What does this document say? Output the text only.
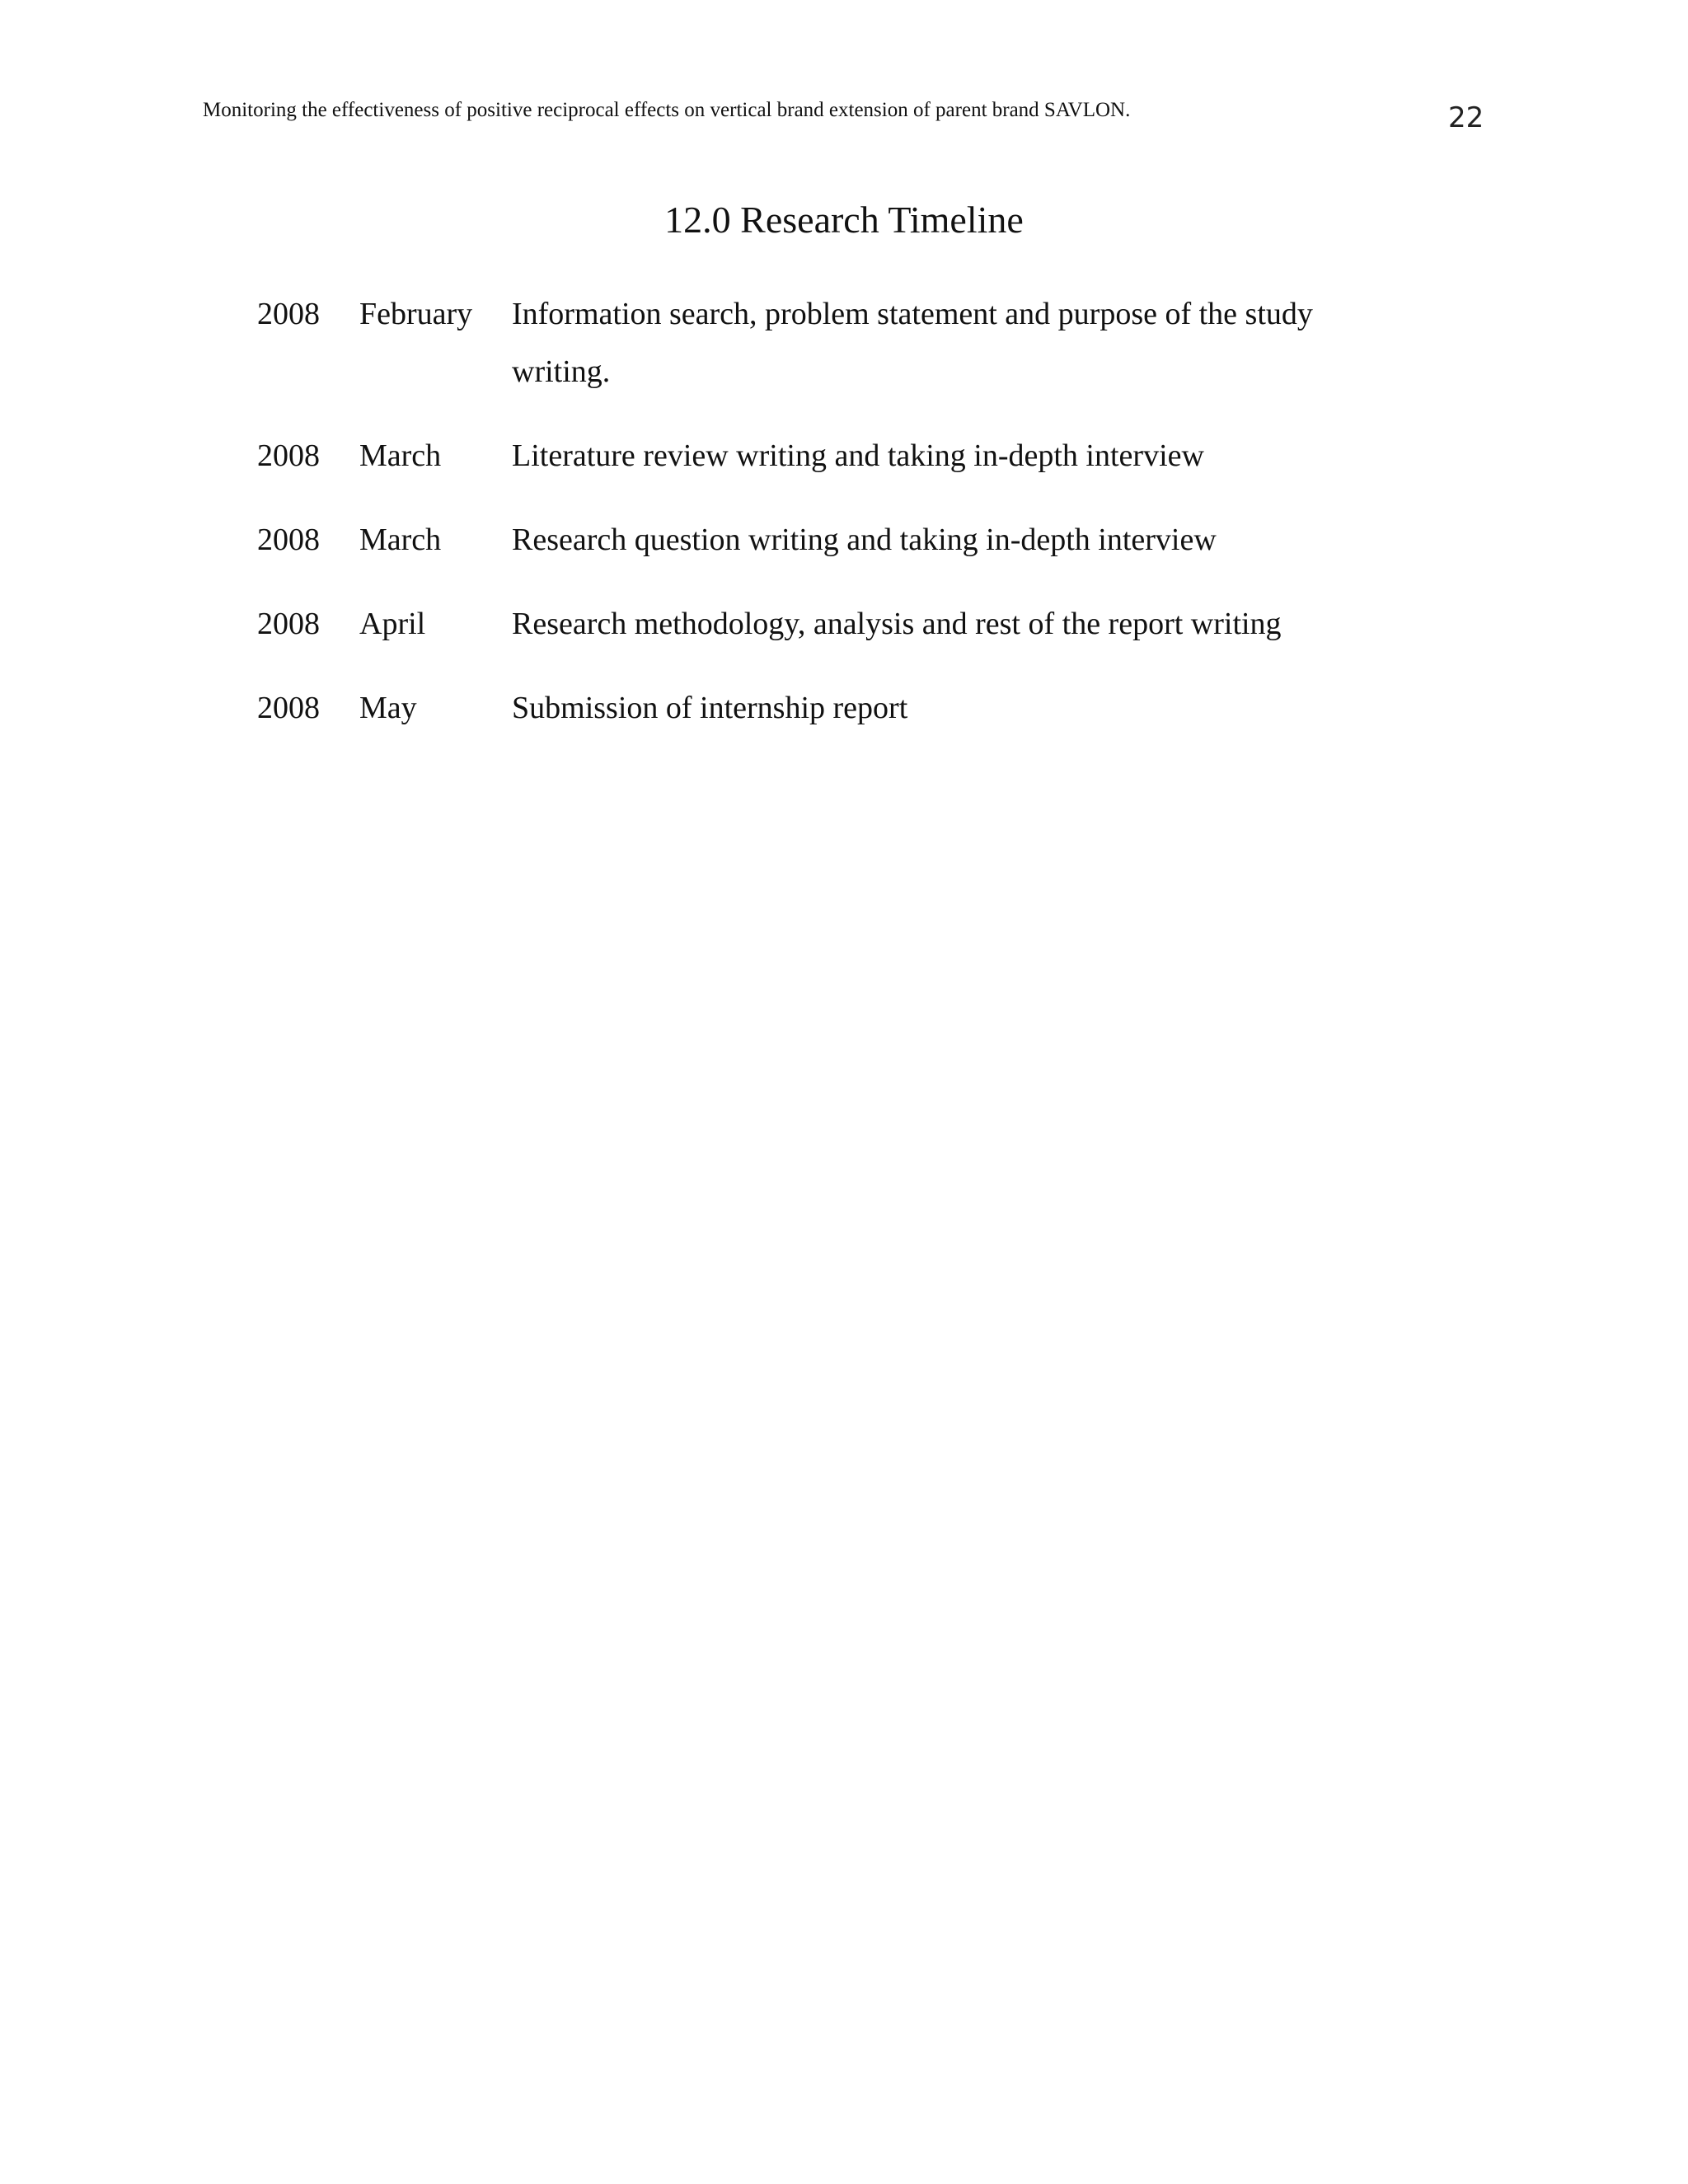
Monitoring the effectiveness of positive reciprocal effects on vertical brand extension of parent brand SAVLON.	22
12.0 Research Timeline
2008	February	Information search, problem statement and purpose of the study writing.
2008	March	Literature review writing and taking in-depth interview
2008	March	Research question writing and taking in-depth interview
2008	April	Research methodology, analysis and rest of the report writing
2008	May	Submission of internship report
